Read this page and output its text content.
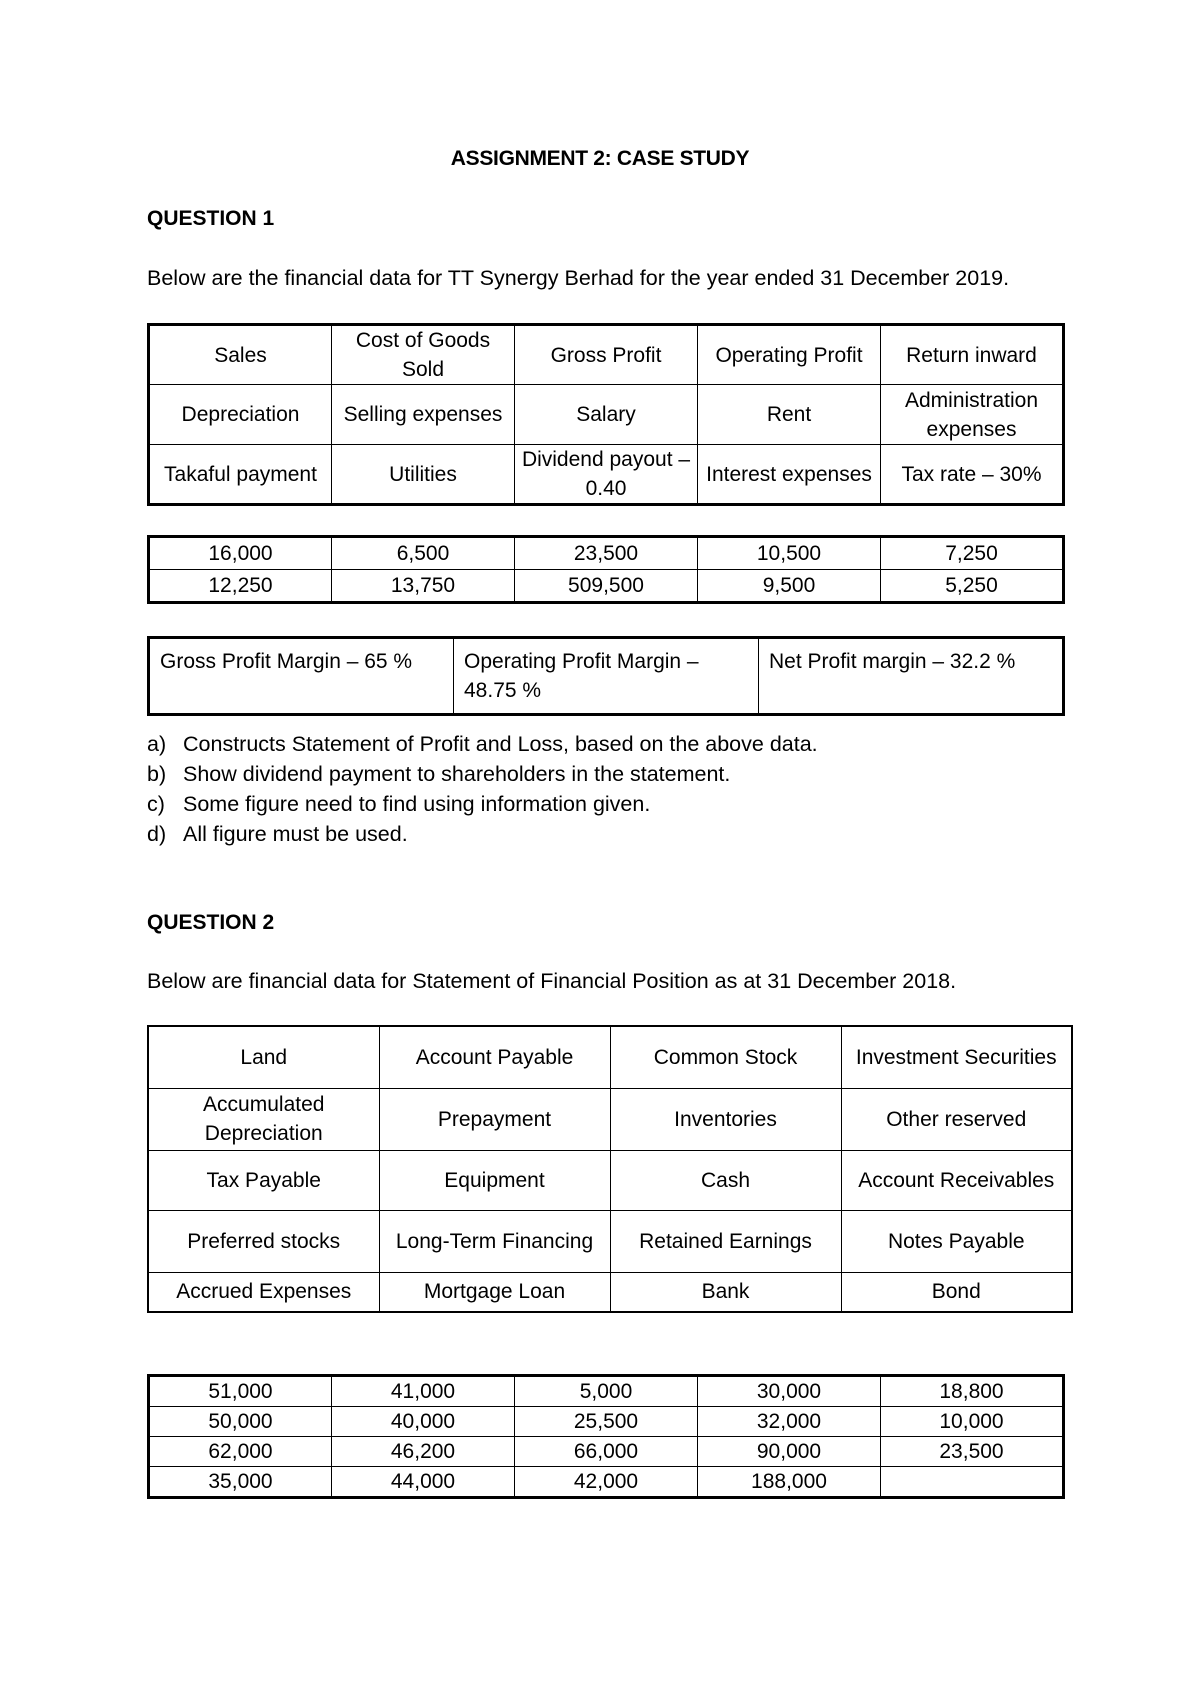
ASSIGNMENT 2: CASE STUDY
QUESTION 1
Below are the financial data for TT Synergy Berhad for the year ended 31 December 2019.
Sales	Cost of Goods Sold	Gross Profit	Operating Profit	Return inward
Depreciation	Selling expenses	Salary	Rent	Administration expenses
Takaful payment	Utilities	Dividend payout – 0.40	Interest expenses	Tax rate – 30%
16,000	6,500	23,500	10,500	7,250
12,250	13,750	509,500	9,500	5,250
Gross Profit Margin – 65 %	Operating Profit Margin – 48.75 %	Net Profit margin – 32.2 %
a) Constructs Statement of Profit and Loss, based on the above data.
b) Show dividend payment to shareholders in the statement.
c) Some figure need to find using information given.
d) All figure must be used.
QUESTION 2
Below are financial data for Statement of Financial Position as at 31 December 2018.
Land	Account Payable	Common Stock	Investment Securities
Accumulated Depreciation	Prepayment	Inventories	Other reserved
Tax Payable	Equipment	Cash	Account Receivables
Preferred stocks	Long-Term Financing	Retained Earnings	Notes Payable
Accrued Expenses	Mortgage Loan	Bank	Bond
51,000	41,000	5,000	30,000	18,800
50,000	40,000	25,500	32,000	10,000
62,000	46,200	66,000	90,000	23,500
35,000	44,000	42,000	188,000	
